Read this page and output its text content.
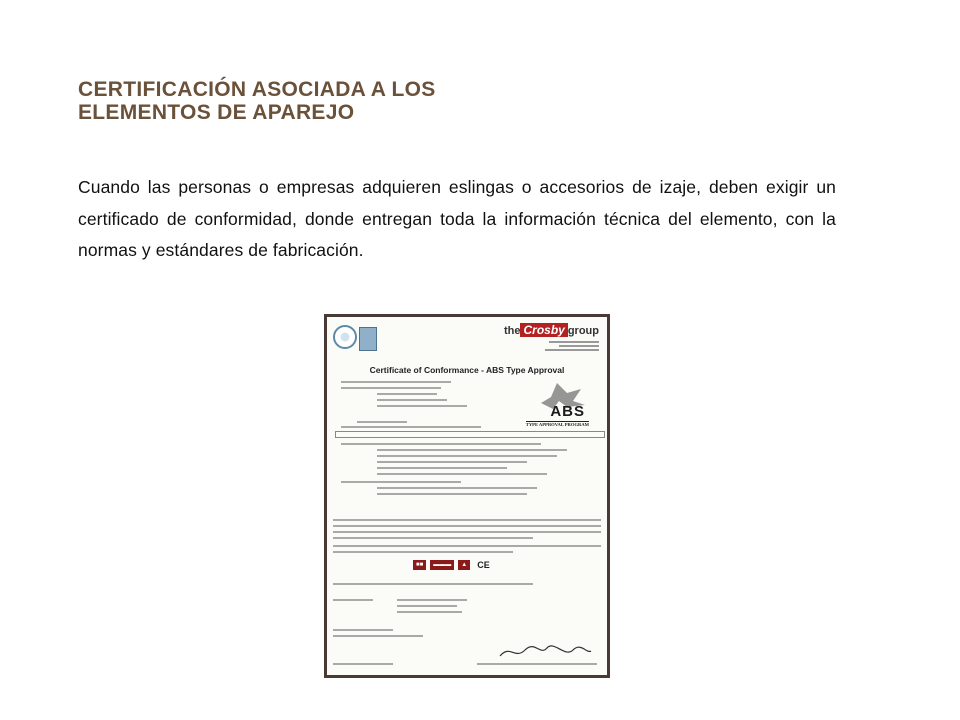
CERTIFICACIÓN ASOCIADA A LOS
ELEMENTOS DE APAREJO

Cuando las personas o empresas adquieren eslingas o accesorios de izaje, deben exigir un certificado de conformidad, donde entregan toda la información técnica del elemento, con la normas y estándares de fabricación.

the Crosby group
Certificate of Conformance - ABS Type Approval
ABS
TYPE APPROVAL PROGRAM
■■	▬▬▬	▲	CE
